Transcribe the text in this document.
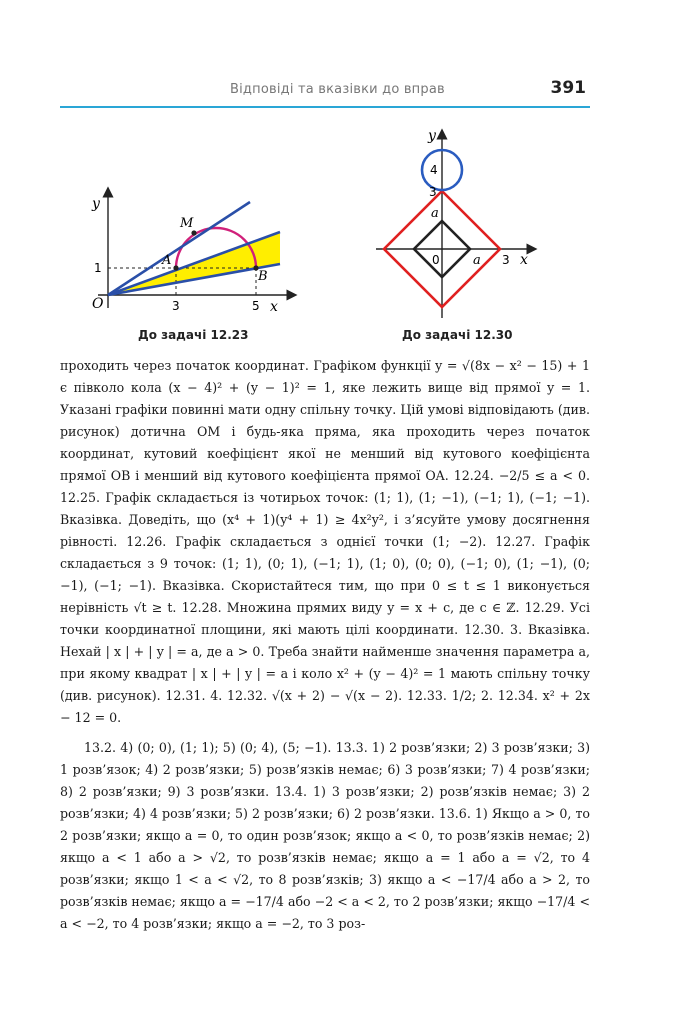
Відповіді та вказівки до вправ	391
y
x
O
M
A
B
3	5
1
До задачі 12.23
y
x
4
3
a
0	a 3
До задачі 12.30

проходить через початок координат. Графіком функції y = √(8x − x² − 15) + 1 є півколо кола (x − 4)² + (y − 1)² = 1, яке лежить вище від прямої y = 1. Указані графіки повинні мати одну спільну точку. Цій умові відповідають (див. рисунок) дотична OM і будь-яка пряма, яка проходить через початок координат, кутовий коефіцієнт якої не менший від кутового коефіцієнта прямої OB і менший від кутового коефіцієнта прямої OA. 12.24. −2/5 ≤ a < 0. 12.25. Графік складається із чотирьох точок: (1; 1), (1; −1), (−1; 1), (−1; −1). Вказівка. Доведіть, що (x⁴ + 1)(y⁴ + 1) ≥ 4x²y², і з’ясуйте умову досягнення рівності. 12.26. Графік складається з однієї точки (1; −2). 12.27. Графік складається з 9 точок: (1; 1), (0; 1), (−1; 1), (1; 0), (0; 0), (−1; 0), (1; −1), (0; −1), (−1; −1). Вказівка. Скористайтеся тим, що при 0 ≤ t ≤ 1 виконується нерівність √t ≥ t. 12.28. Множина прямих виду y = x + c, де c ∈ ℤ. 12.29. Усі точки координатної площини, які мають цілі координати. 12.30. 3. Вказівка. Нехай | x | + | y | = a, де a > 0. Треба знайти найменше значення параметра a, при якому квадрат | x | + | y | = a і коло x² + (y − 4)² = 1 мають спільну точку (див. рисунок). 12.31. 4. 12.32. √(x + 2) − √(x − 2). 12.33. 1/2; 2. 12.34. x² + 2x − 12 = 0.

13.2. 4) (0; 0), (1; 1); 5) (0; 4), (5; −1). 13.3. 1) 2 розв’язки; 2) 3 розв’язки; 3) 1 розв’язок; 4) 2 розв’язки; 5) розв’язків немає; 6) 3 розв’язки; 7) 4 розв’язки; 8) 2 розв’язки; 9) 3 розв’язки. 13.4. 1) 3 розв’язки; 2) розв’язків немає; 3) 2 розв’язки; 4) 4 розв’язки; 5) 2 розв’язки; 6) 2 розв’язки. 13.6. 1) Якщо a > 0, то 2 розв’язки; якщо a = 0, то один розв’язок; якщо a < 0, то розв’язків немає; 2) якщо a < 1 або a > √2, то розв’язків немає; якщо a = 1 або a = √2, то 4 розв’язки; якщо 1 < a < √2, то 8 розв’язків; 3) якщо a < −17/4 або a > 2, то розв’язків немає; якщо a = −17/4 або −2 < a < 2, то 2 розв’язки; якщо −17/4 < a < −2, то 4 розв’язки; якщо a = −2, то 3 роз-
